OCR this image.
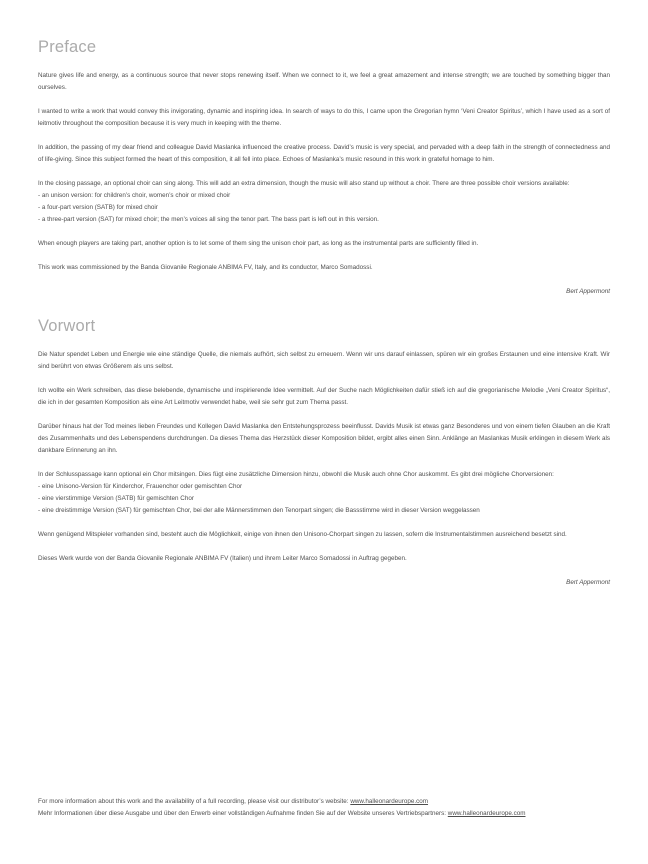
Preface

Nature gives life and energy, as a continuous source that never stops renewing itself. When we connect to it, we feel a great amazement and intense strength; we are touched by something bigger than ourselves.

I wanted to write a work that would convey this invigorating, dynamic and inspiring idea. In search of ways to do this, I came upon the Gregorian hymn ‘Veni Creator Spiritus’, which I have used as a sort of leitmotiv throughout the composition because it is very much in keeping with the theme.

In addition, the passing of my dear friend and colleague David Maslanka influenced the creative process. David’s music is very special, and pervaded with a deep faith in the strength of connectedness and of life-giving. Since this subject formed the heart of this composition, it all fell into place. Echoes of Maslanka’s music resound in this work in grateful homage to him.

In the closing passage, an optional choir can sing along. This will add an extra dimension, though the music will also stand up without a choir. There are three possible choir versions available:
- an unison version: for children’s choir, women’s choir or mixed choir
- a four-part version (SATB) for mixed choir
- a three-part version (SAT) for mixed choir; the men’s voices all sing the tenor part. The bass part is left out in this version.

When enough players are taking part, another option is to let some of them sing the unison choir part, as long as the instrumental parts are sufficiently filled in.

This work was commissioned by the Banda Giovanile Regionale ANBIMA FV, Italy, and its conductor, Marco Somadossi.

Bert Appermont
Vorwort

Die Natur spendet Leben und Energie wie eine ständige Quelle, die niemals aufhört, sich selbst zu erneuern. Wenn wir uns darauf einlassen, spüren wir ein großes Erstaunen und eine intensive Kraft. Wir sind berührt von etwas Größerem als uns selbst.

Ich wollte ein Werk schreiben, das diese belebende, dynamische und inspirierende Idee vermittelt. Auf der Suche nach Möglichkeiten dafür stieß ich auf die gregorianische Melodie „Veni Creator Spiritus“, die ich in der gesamten Komposition als eine Art Leitmotiv verwendet habe, weil sie sehr gut zum Thema passt.

Darüber hinaus hat der Tod meines lieben Freundes und Kollegen David Maslanka den Entstehungsprozess beeinflusst. Davids Musik ist etwas ganz Besonderes und von einem tiefen Glauben an die Kraft des Zusammenhalts und des Lebenspendens durchdrungen. Da dieses Thema das Herzstück dieser Komposition bildet, ergibt alles einen Sinn. Anklänge an Maslankas Musik erklingen in diesem Werk als dankbare Erinnerung an ihn.

In der Schlusspassage kann optional ein Chor mitsingen. Dies fügt eine zusätzliche Dimension hinzu, obwohl die Musik auch ohne Chor auskommt. Es gibt drei mögliche Chorversionen:
- eine Unisono-Version für Kinderchor, Frauenchor oder gemischten Chor
- eine vierstimmige Version (SATB) für gemischten Chor
- eine dreistimmige Version (SAT) für gemischten Chor, bei der alle Männerstimmen den Tenorpart singen; die Bassstimme wird in dieser Version weggelassen

Wenn genügend Mitspieler vorhanden sind, besteht auch die Möglichkeit, einige von ihnen den Unisono-Chorpart singen zu lassen, sofern die Instrumentalstimmen ausreichend besetzt sind.

Dieses Werk wurde von der Banda Giovanile Regionale ANBIMA FV (Italien) und ihrem Leiter Marco Somadossi in Auftrag gegeben.

Bert Appermont
For more information about this work and the availability of a full recording, please visit our distributor’s website: www.halleonardeurope.com
Mehr Informationen über diese Ausgabe und über den Erwerb einer vollständigen Aufnahme finden Sie auf der Website unseres Vertriebspartners: www.halleonardeurope.com
